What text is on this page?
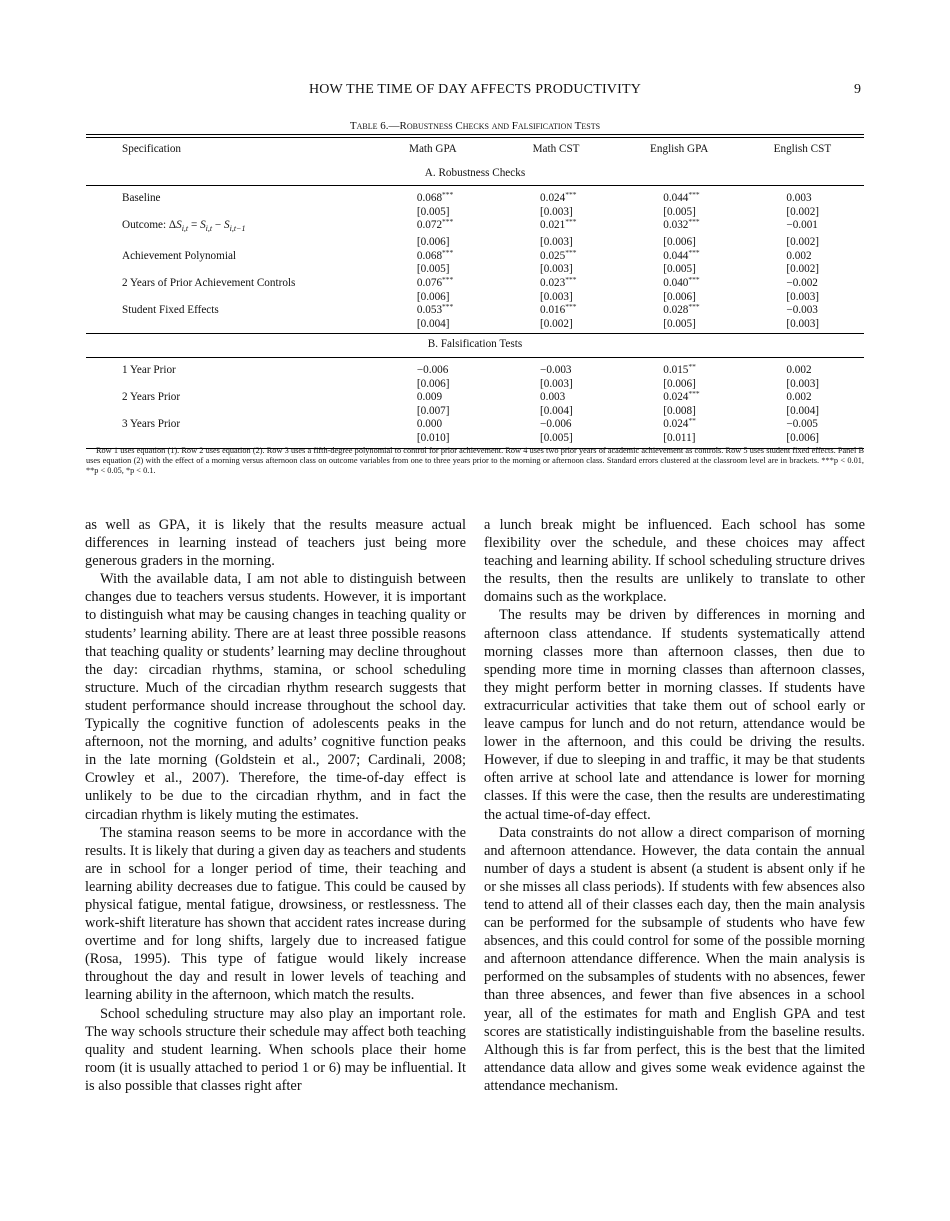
HOW THE TIME OF DAY AFFECTS PRODUCTIVITY	9
Table 6.—Robustness Checks and Falsification Tests
Specification	Math GPA	Math CST	English GPA	English CST
A. Robustness Checks				
Baseline	0.068***	0.024***	0.044***	0.003
	[0.005]	[0.003]	[0.005]	[0.002]
Outcome: $\Delta S_{i,t} = S_{i,t} - S_{i,t-1}$	0.072***	0.021***	0.032***	−0.001
	[0.006]	[0.003]	[0.006]	[0.002]
Achievement Polynomial	0.068***	0.025***	0.044***	0.002
	[0.005]	[0.003]	[0.005]	[0.002]
2 Years of Prior Achievement Controls	0.076***	0.023***	0.040***	−0.002
	[0.006]	[0.003]	[0.006]	[0.003]
Student Fixed Effects	0.053***	0.016***	0.028***	−0.003
	[0.004]	[0.002]	[0.005]	[0.003]
B. Falsification Tests				
1 Year Prior	−0.006	−0.003	0.015**	0.002
	[0.006]	[0.003]	[0.006]	[0.003]
2 Years Prior	0.009	0.003	0.024***	0.002
	[0.007]	[0.004]	[0.008]	[0.004]
3 Years Prior	0.000	−0.006	0.024**	−0.005
	[0.010]	[0.005]	[0.011]	[0.006]
Row 1 uses equation (1). Row 2 uses equation (2). Row 3 uses a fifth-degree polynomial to control for prior achievement. Row 4 uses two prior years of academic achievement as controls. Row 5 uses student fixed effects. Panel B uses equation (2) with the effect of a morning versus afternoon class on outcome variables from one to three years prior to the morning or afternoon class. Standard errors clustered at the classroom level are in brackets. ***p < 0.01, **p < 0.05, *p < 0.1.

as well as GPA, it is likely that the results measure actual differences in learning instead of teachers just being more generous graders in the morning.

With the available data, I am not able to distinguish between changes due to teachers versus students. However, it is important to distinguish what may be causing changes in teaching quality or students’ learning ability. There are at least three possible reasons that teaching quality or students’ learning may decline throughout the day: circadian rhythms, stamina, or school scheduling structure. Much of the circadian rhythm research suggests that student performance should increase throughout the school day. Typically the cognitive function of adolescents peaks in the afternoon, not the morning, and adults’ cognitive function peaks in the late morning (Goldstein et al., 2007; Cardinali, 2008; Crowley et al., 2007). Therefore, the time-of-day effect is unlikely to be due to the circadian rhythm, and in fact the circadian rhythm is likely muting the estimates.

The stamina reason seems to be more in accordance with the results. It is likely that during a given day as teachers and students are in school for a longer period of time, their teaching and learning ability decreases due to fatigue. This could be caused by physical fatigue, mental fatigue, drowsiness, or restlessness. The work-shift literature has shown that accident rates increase during overtime and for long shifts, largely due to increased fatigue (Rosa, 1995). This type of fatigue would likely increase throughout the day and result in lower levels of teaching and learning ability in the afternoon, which match the results.

School scheduling structure may also play an important role. The way schools structure their schedule may affect both teaching quality and student learning. When schools place their home room (it is usually attached to period 1 or 6) may be influential. It is also possible that classes right after

a lunch break might be influenced. Each school has some flexibility over the schedule, and these choices may affect teaching and learning ability. If school scheduling structure drives the results, then the results are unlikely to translate to other domains such as the workplace.

The results may be driven by differences in morning and afternoon class attendance. If students systematically attend morning classes more than afternoon classes, then due to spending more time in morning classes than afternoon classes, they might perform better in morning classes. If students have extracurricular activities that take them out of school early or leave campus for lunch and do not return, attendance would be lower in the afternoon, and this could be driving the results. However, if due to sleeping in and traffic, it may be that students often arrive at school late and attendance is lower for morning classes. If this were the case, then the results are underestimating the actual time-of-day effect.

Data constraints do not allow a direct comparison of morning and afternoon attendance. However, the data contain the annual number of days a student is absent (a student is absent only if he or she misses all class periods). If students with few absences also tend to attend all of their classes each day, then the main analysis can be performed for the subsample of students who have few absences, and this could control for some of the possible morning and afternoon attendance difference. When the main analysis is performed on the subsamples of students with no absences, fewer than three absences, and fewer than five absences in a school year, all of the estimates for math and English GPA and test scores are statistically indistinguishable from the baseline results. Although this is far from perfect, this is the best that the limited attendance data allow and gives some weak evidence against the attendance mechanism.
